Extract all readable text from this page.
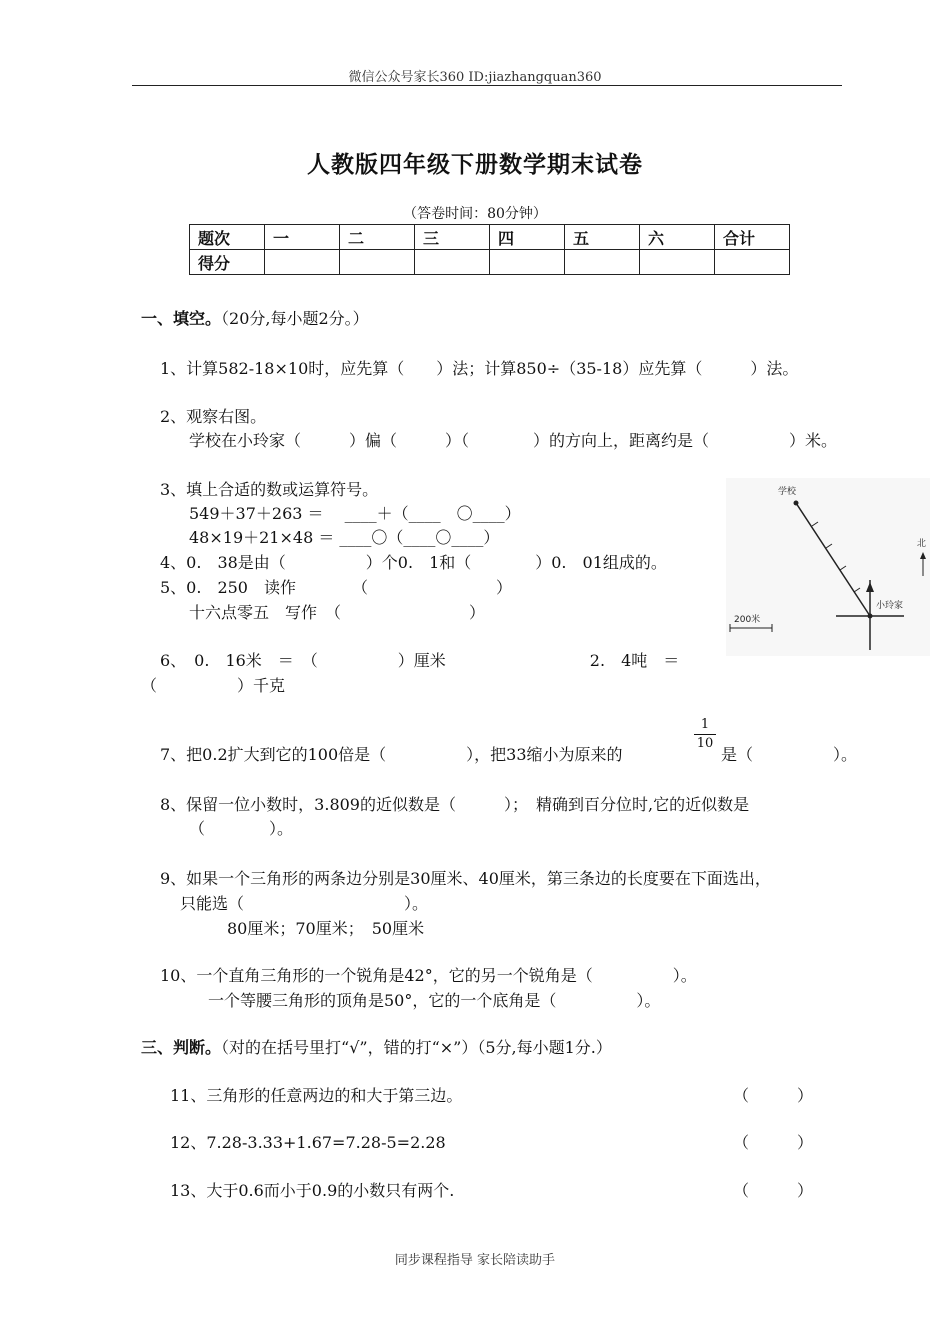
微信公众号家长360 ID:jiazhangquan360
人教版四年级下册数学期末试卷
（答卷时间：80分钟）
题次	一	二	三	四	五	六	合计
得分							
一、填空。（20分,每小题2分。）
1、计算582-18×10时，应先算（　　）法；计算850÷（35-18）应先算（　　　）法。
2、观察右图。
学校在小玲家（　　　）偏（　　　）（　　　　）的方向上，距离约是（　　　　　）米。
3、填上合适的数或运算符号。
549＋37＋263 ＝　 ____＋（____　〇____）
48×19＋21×48 ＝ ____〇（____〇____）
4、0.　38是由（　　　　　）个0.　1和（　　　　）0.　01组成的。
5、0.　250　读作　　　　（　　　　　　　　）
十六点零五　写作　（　　　　　　　　）
6、　0.　16米　＝　（　　　　　）厘米　　　　　　　　　2.　4吨　＝
（　　　　　）千克
7、把0.2扩大到它的100倍是（　　　　　），把33缩小为原来的
$\frac{1}{10}$
是（　　　　　）。
8、保留一位小数时，3.809的近似数是（　　　）；　精确到百分位时,它的近似数是
（　　　　）。
9、如果一个三角形的两条边分别是30厘米、40厘米，第三条边的长度要在下面选出，
只能选（　　　　　　　　　　）。
80厘米；70厘米；　50厘米
10、一个直角三角形的一个锐角是42°，它的另一个锐角是（　　　　　）。
一个等腰三角形的顶角是50°，它的一个底角是（　　　　　）。
三、判断。（对的在括号里打“√”，错的打“×”）（5分,每小题1分.）
11、三角形的任意两边的和大于第三边。	（　　　）
12、7.28-3.33+1.67=7.28-5=2.28	（　　　）
13、大于0.6而小于0.9的小数只有两个.	（　　　）
学校
小玲家
北
200米
同步课程指导 家长陪读助手
